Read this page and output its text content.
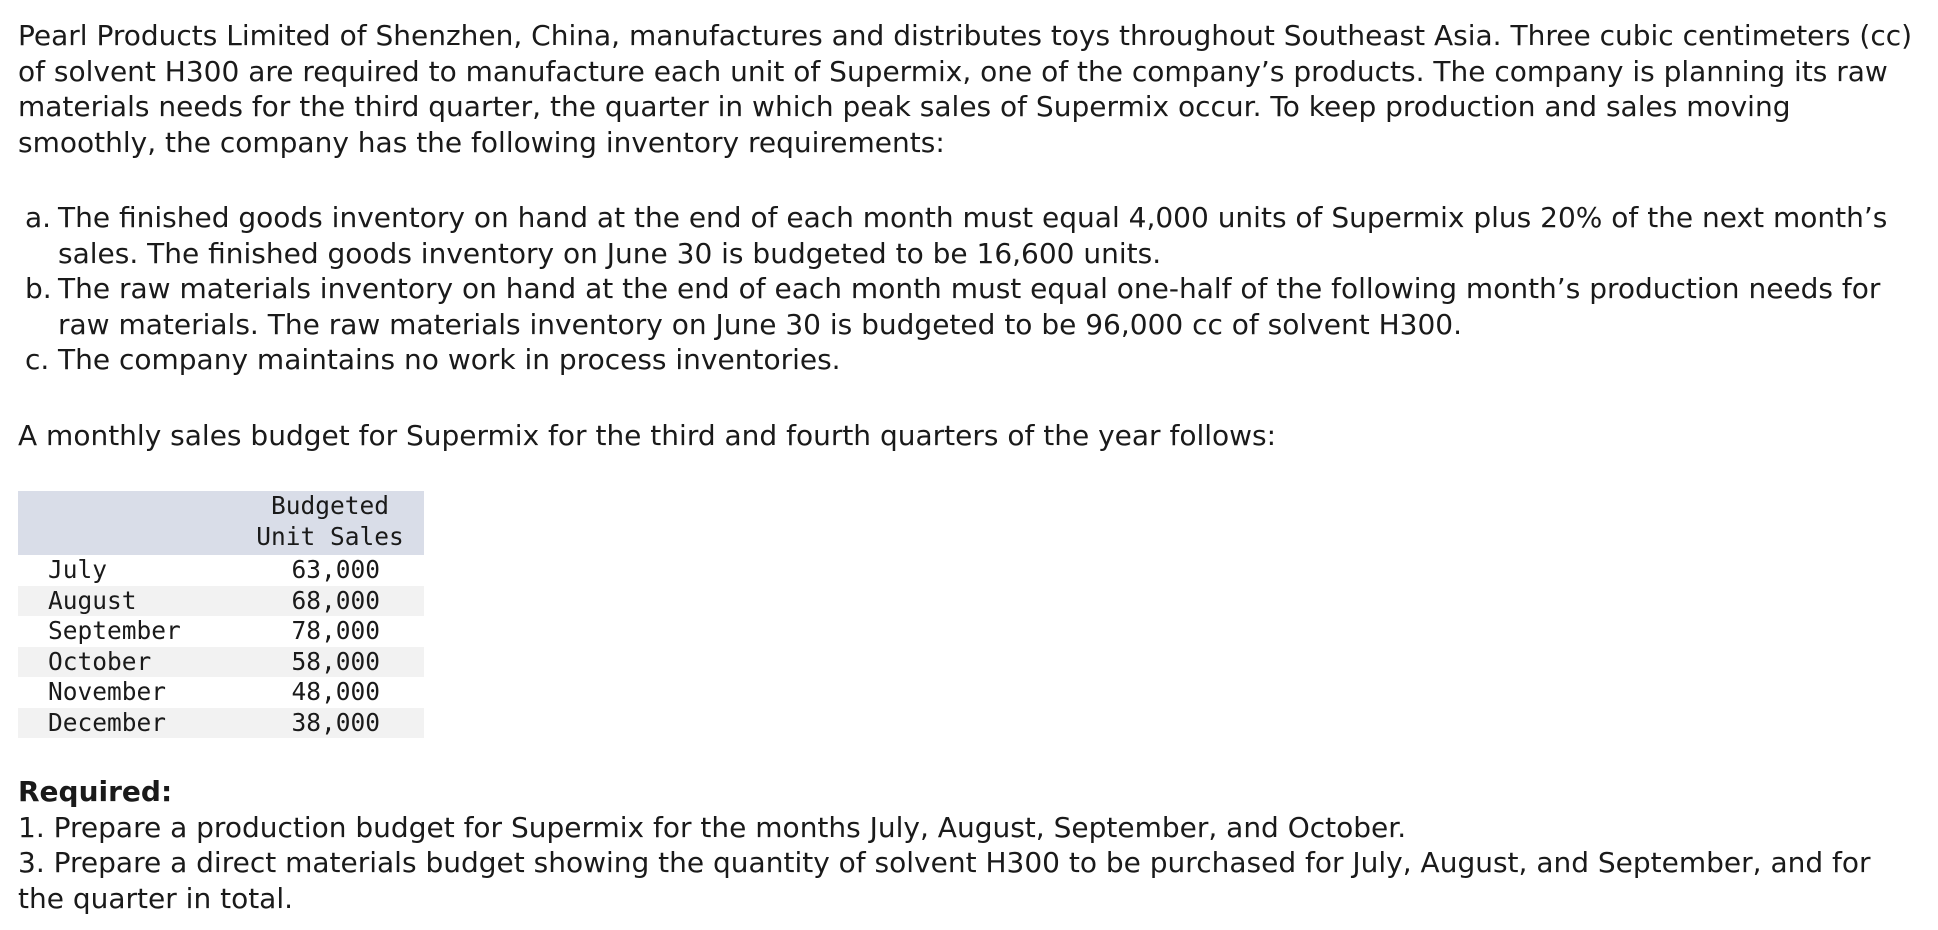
Pearl Products Limited of Shenzhen, China, manufactures and distributes toys throughout Southeast Asia. Three cubic centimeters (cc) of solvent H300 are required to manufacture each unit of Supermix, one of the company’s products. The company is planning its raw materials needs for the third quarter, the quarter in which peak sales of Supermix occur. To keep production and sales moving smoothly, the company has the following inventory requirements:

a. The finished goods inventory on hand at the end of each month must equal 4,000 units of Supermix plus 20% of the next month’s sales. The finished goods inventory on June 30 is budgeted to be 16,600 units.
b. The raw materials inventory on hand at the end of each month must equal one-half of the following month’s production needs for raw materials. The raw materials inventory on June 30 is budgeted to be 96,000 cc of solvent H300.
c. The company maintains no work in process inventories.

A monthly sales budget for Supermix for the third and fourth quarters of the year follows:

	Budgeted
Unit Sales
July	63,000
August	68,000
September	78,000
October	58,000
November	48,000
December	38,000

Required:

1. Prepare a production budget for Supermix for the months July, August, September, and October.

3. Prepare a direct materials budget showing the quantity of solvent H300 to be purchased for July, August, and September, and for the quarter in total.
